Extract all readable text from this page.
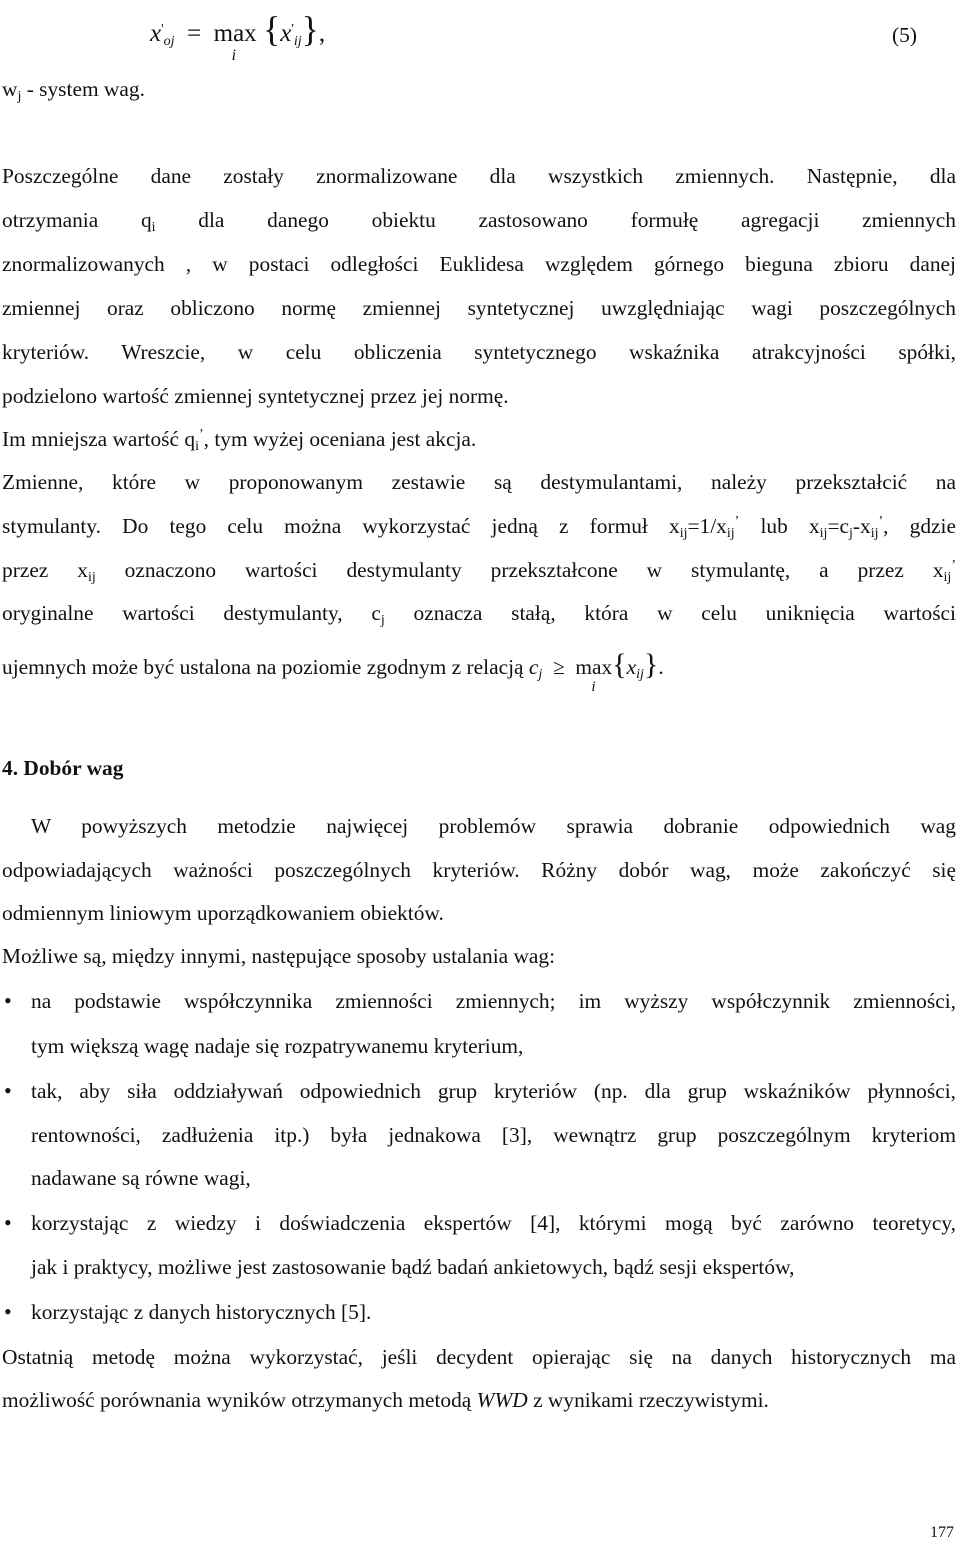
$x'_{oj} = \max$
i
$\{x'_{ij}\}$,	(5)
$w_j$ - system wag.
Poszczególne dane zostały znormalizowane dla wszystkich zmiennych. Następnie, dla
otrzymania $q_i$ dla danego obiektu zastosowano formułę agregacji zmiennych
znormalizowanych , w postaci odległości Euklidesa względem górnego bieguna zbioru danej
zmiennej oraz obliczono normę zmiennej syntetycznej uwzględniając wagi poszczególnych
kryteriów. Wreszcie, w celu obliczenia syntetycznego wskaźnika atrakcyjności spółki,
podzielono wartość zmiennej syntetycznej przez jej normę.
Im mniejsza wartość $q_i^’$, tym wyżej oceniana jest akcja.
Zmienne, które w proponowanym zestawie są destymulantami, należy przekształcić na
stymulanty. Do tego celu można wykorzystać jedną z formuł $x_{ij}=1/x_{ij}^’$ lub $x_{ij}=c_j-x_{ij}^’$, gdzie
przez $x_{ij}$ oznaczono wartości destymulanty przekształcone w stymulantę, a przez $x_{ij}^’$
oryginalne wartości destymulanty, $c_j$ oznacza stałą, która w celu uniknięcia wartości
ujemnych może być ustalona na poziomie zgodnym z relacją $c_j \ge \max$
i
$\{x_{ij}\}$.
4. Dobór wag
W powyższych metodzie najwięcej problemów sprawia dobranie odpowiednich wag
odpowiadających ważności poszczególnych kryteriów. Różny dobór wag, może zakończyć się
odmiennym liniowym uporządkowaniem obiektów.
Możliwe są, między innymi, następujące sposoby ustalania wag:
• na podstawie współczynnika zmienności zmiennych; im wyższy współczynnik zmienności,
tym większą wagę nadaje się rozpatrywanemu kryterium,
• tak, aby siła oddziaływań odpowiednich grup kryteriów (np. dla grup wskaźników płynności,
rentowności, zadłużenia itp.) była jednakowa [3], wewnątrz grup poszczególnym kryteriom
nadawane są równe wagi,
• korzystając z wiedzy i doświadczenia ekspertów [4], którymi mogą być zarówno teoretycy,
jak i praktycy, możliwe jest zastosowanie bądź badań ankietowych, bądź sesji ekspertów,
• korzystając z danych historycznych [5].
Ostatnią metodę można wykorzystać, jeśli decydent opierając się na danych historycznych ma
możliwość porównania wyników otrzymanych metodą WWD z wynikami rzeczywistymi.
177
